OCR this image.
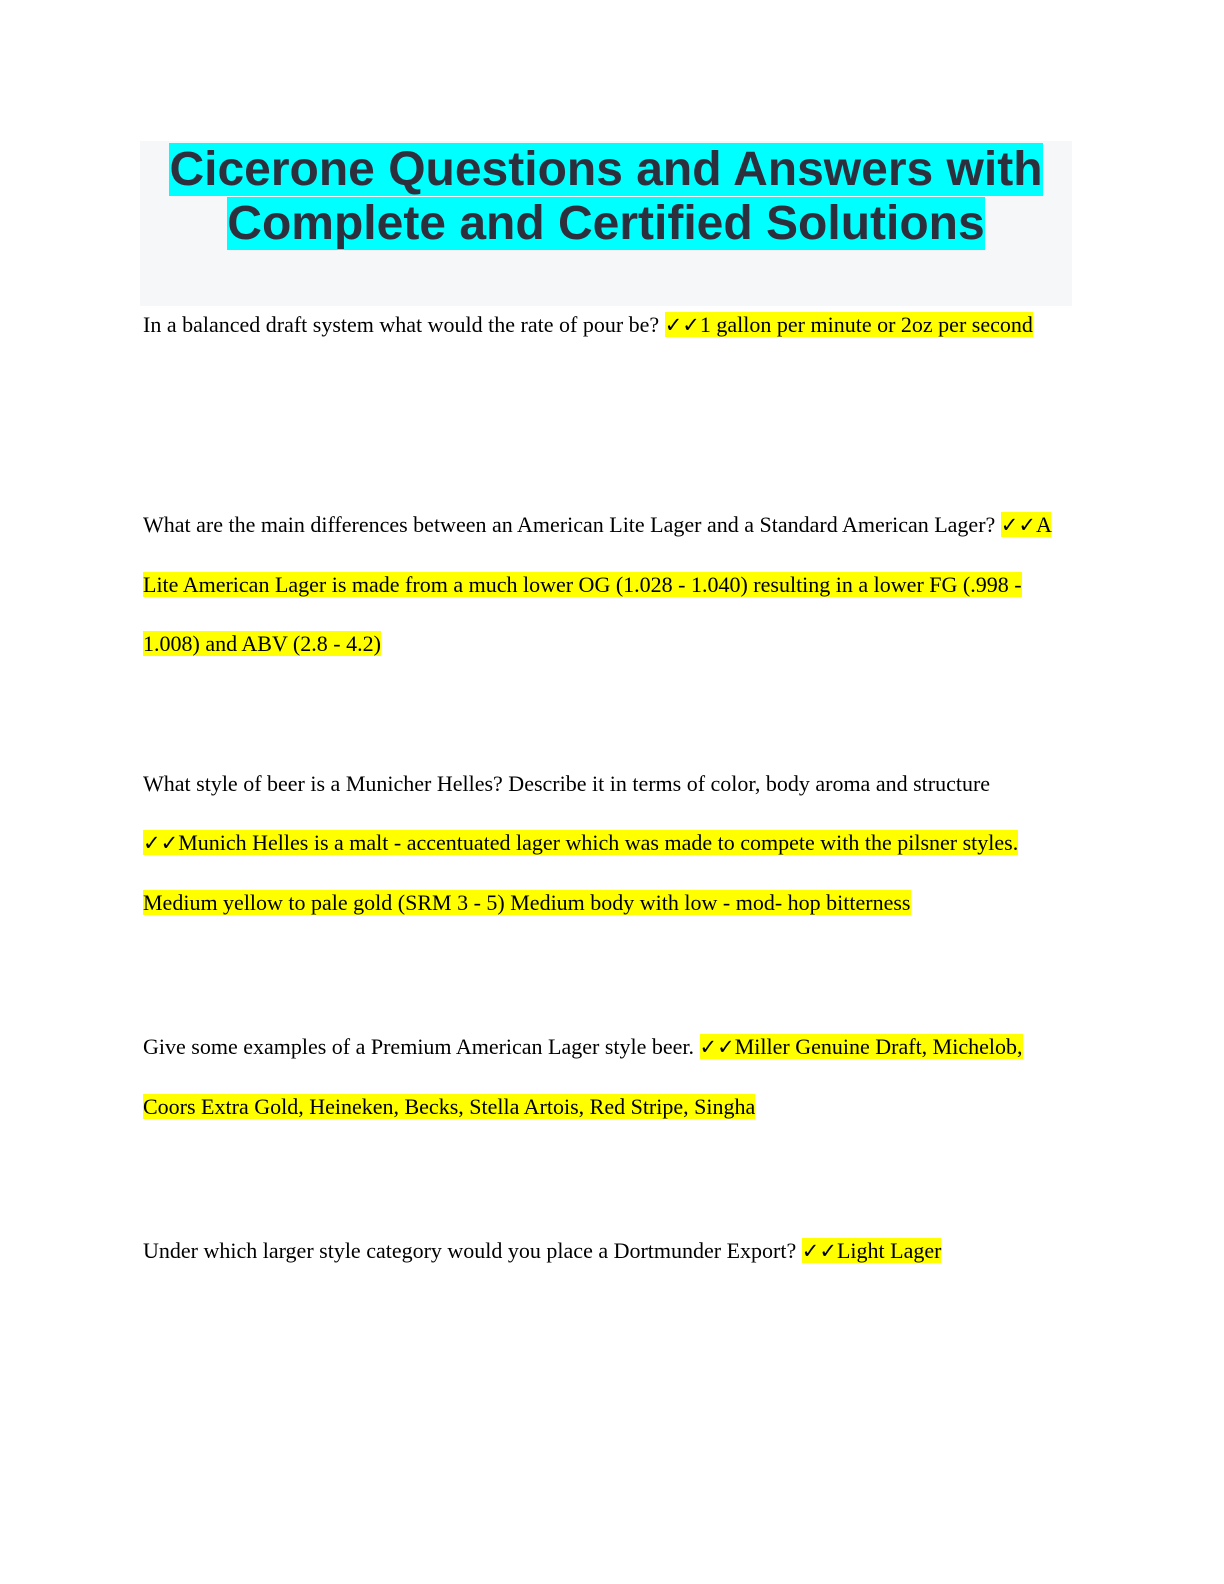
Cicerone Questions and Answers with
Complete and Certified Solutions

In a balanced draft system what would the rate of pour be? ✓✓1 gallon per minute or 2oz per second

What are the main differences between an American Lite Lager and a Standard American Lager? ✓✓A Lite American Lager is made from a much lower OG (1.028 - 1.040) resulting in a lower FG (.998 - 1.008) and ABV (2.8 - 4.2)

What style of beer is a Municher Helles? Describe it in terms of color, body aroma and structure ✓✓Munich Helles is a malt - accentuated lager which was made to compete with the pilsner styles. Medium yellow to pale gold (SRM 3 - 5) Medium body with low - mod- hop bitterness

Give some examples of a Premium American Lager style beer. ✓✓Miller Genuine Draft, Michelob, Coors Extra Gold, Heineken, Becks, Stella Artois, Red Stripe, Singha

Under which larger style category would you place a Dortmunder Export? ✓✓Light Lager
